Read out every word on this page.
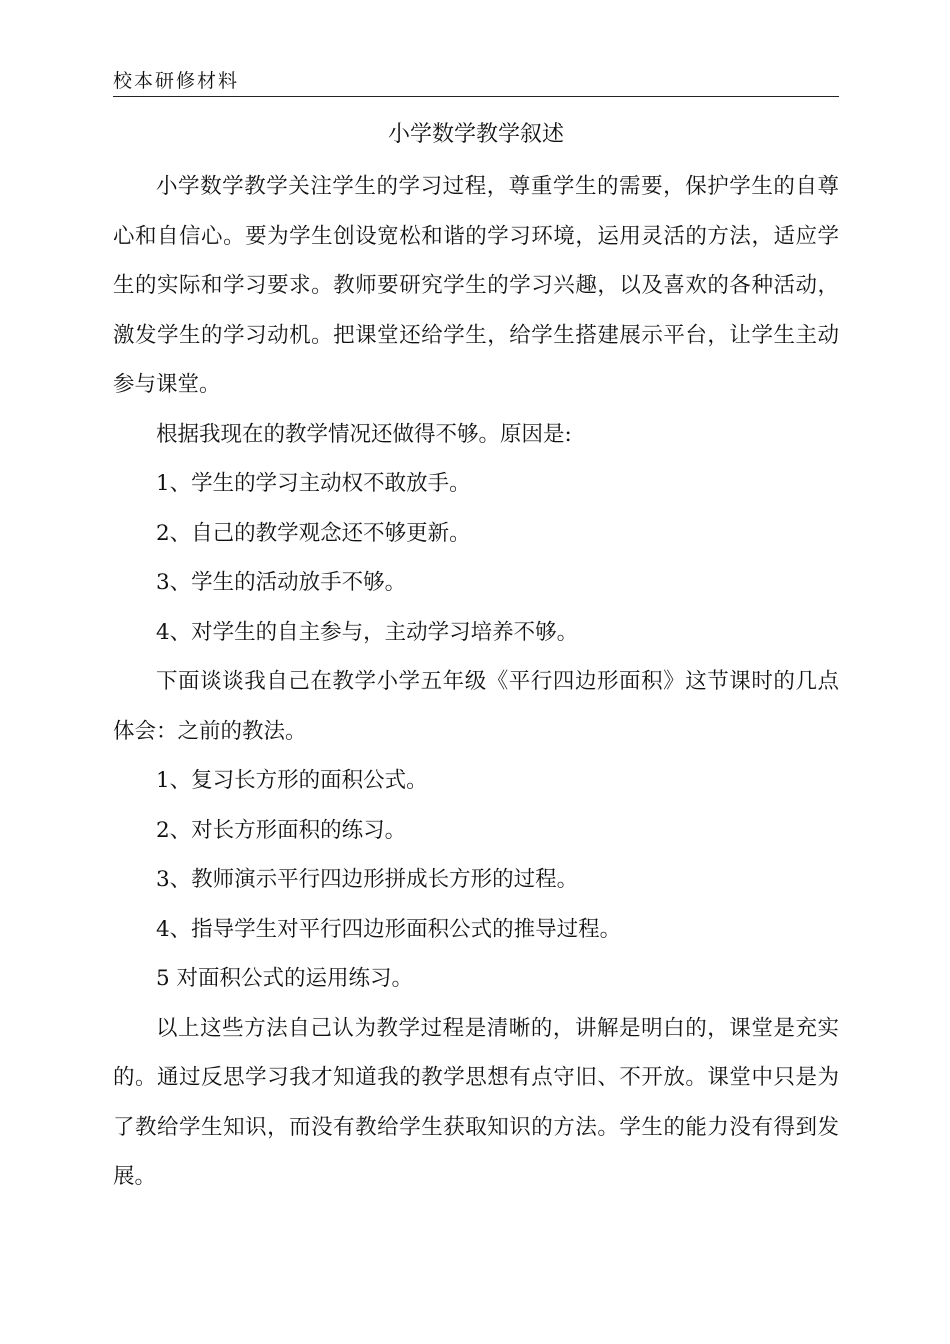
校本研修材料
小学数学教学叙述

小学数学教学关注学生的学习过程，尊重学生的需要，保护学生的自尊心和自信心。要为学生创设宽松和谐的学习环境，运用灵活的方法，适应学生的实际和学习要求。教师要研究学生的学习兴趣，以及喜欢的各种活动，激发学生的学习动机。把课堂还给学生，给学生搭建展示平台，让学生主动参与课堂。

根据我现在的教学情况还做得不够。原因是:

1、学生的学习主动权不敢放手。

2、自己的教学观念还不够更新。

3、学生的活动放手不够。

4、对学生的自主参与，主动学习培养不够。

下面谈谈我自己在教学小学五年级《平行四边形面积》这节课时的几点体会：之前的教法。

1、复习长方形的面积公式。

2、对长方形面积的练习。

3、教师演示平行四边形拼成长方形的过程。

4、指导学生对平行四边形面积公式的推导过程。

5 对面积公式的运用练习。

以上这些方法自己认为教学过程是清晰的，讲解是明白的，课堂是充实的。通过反思学习我才知道我的教学思想有点守旧、不开放。课堂中只是为了教给学生知识，而没有教给学生获取知识的方法。学生的能力没有得到发展。
